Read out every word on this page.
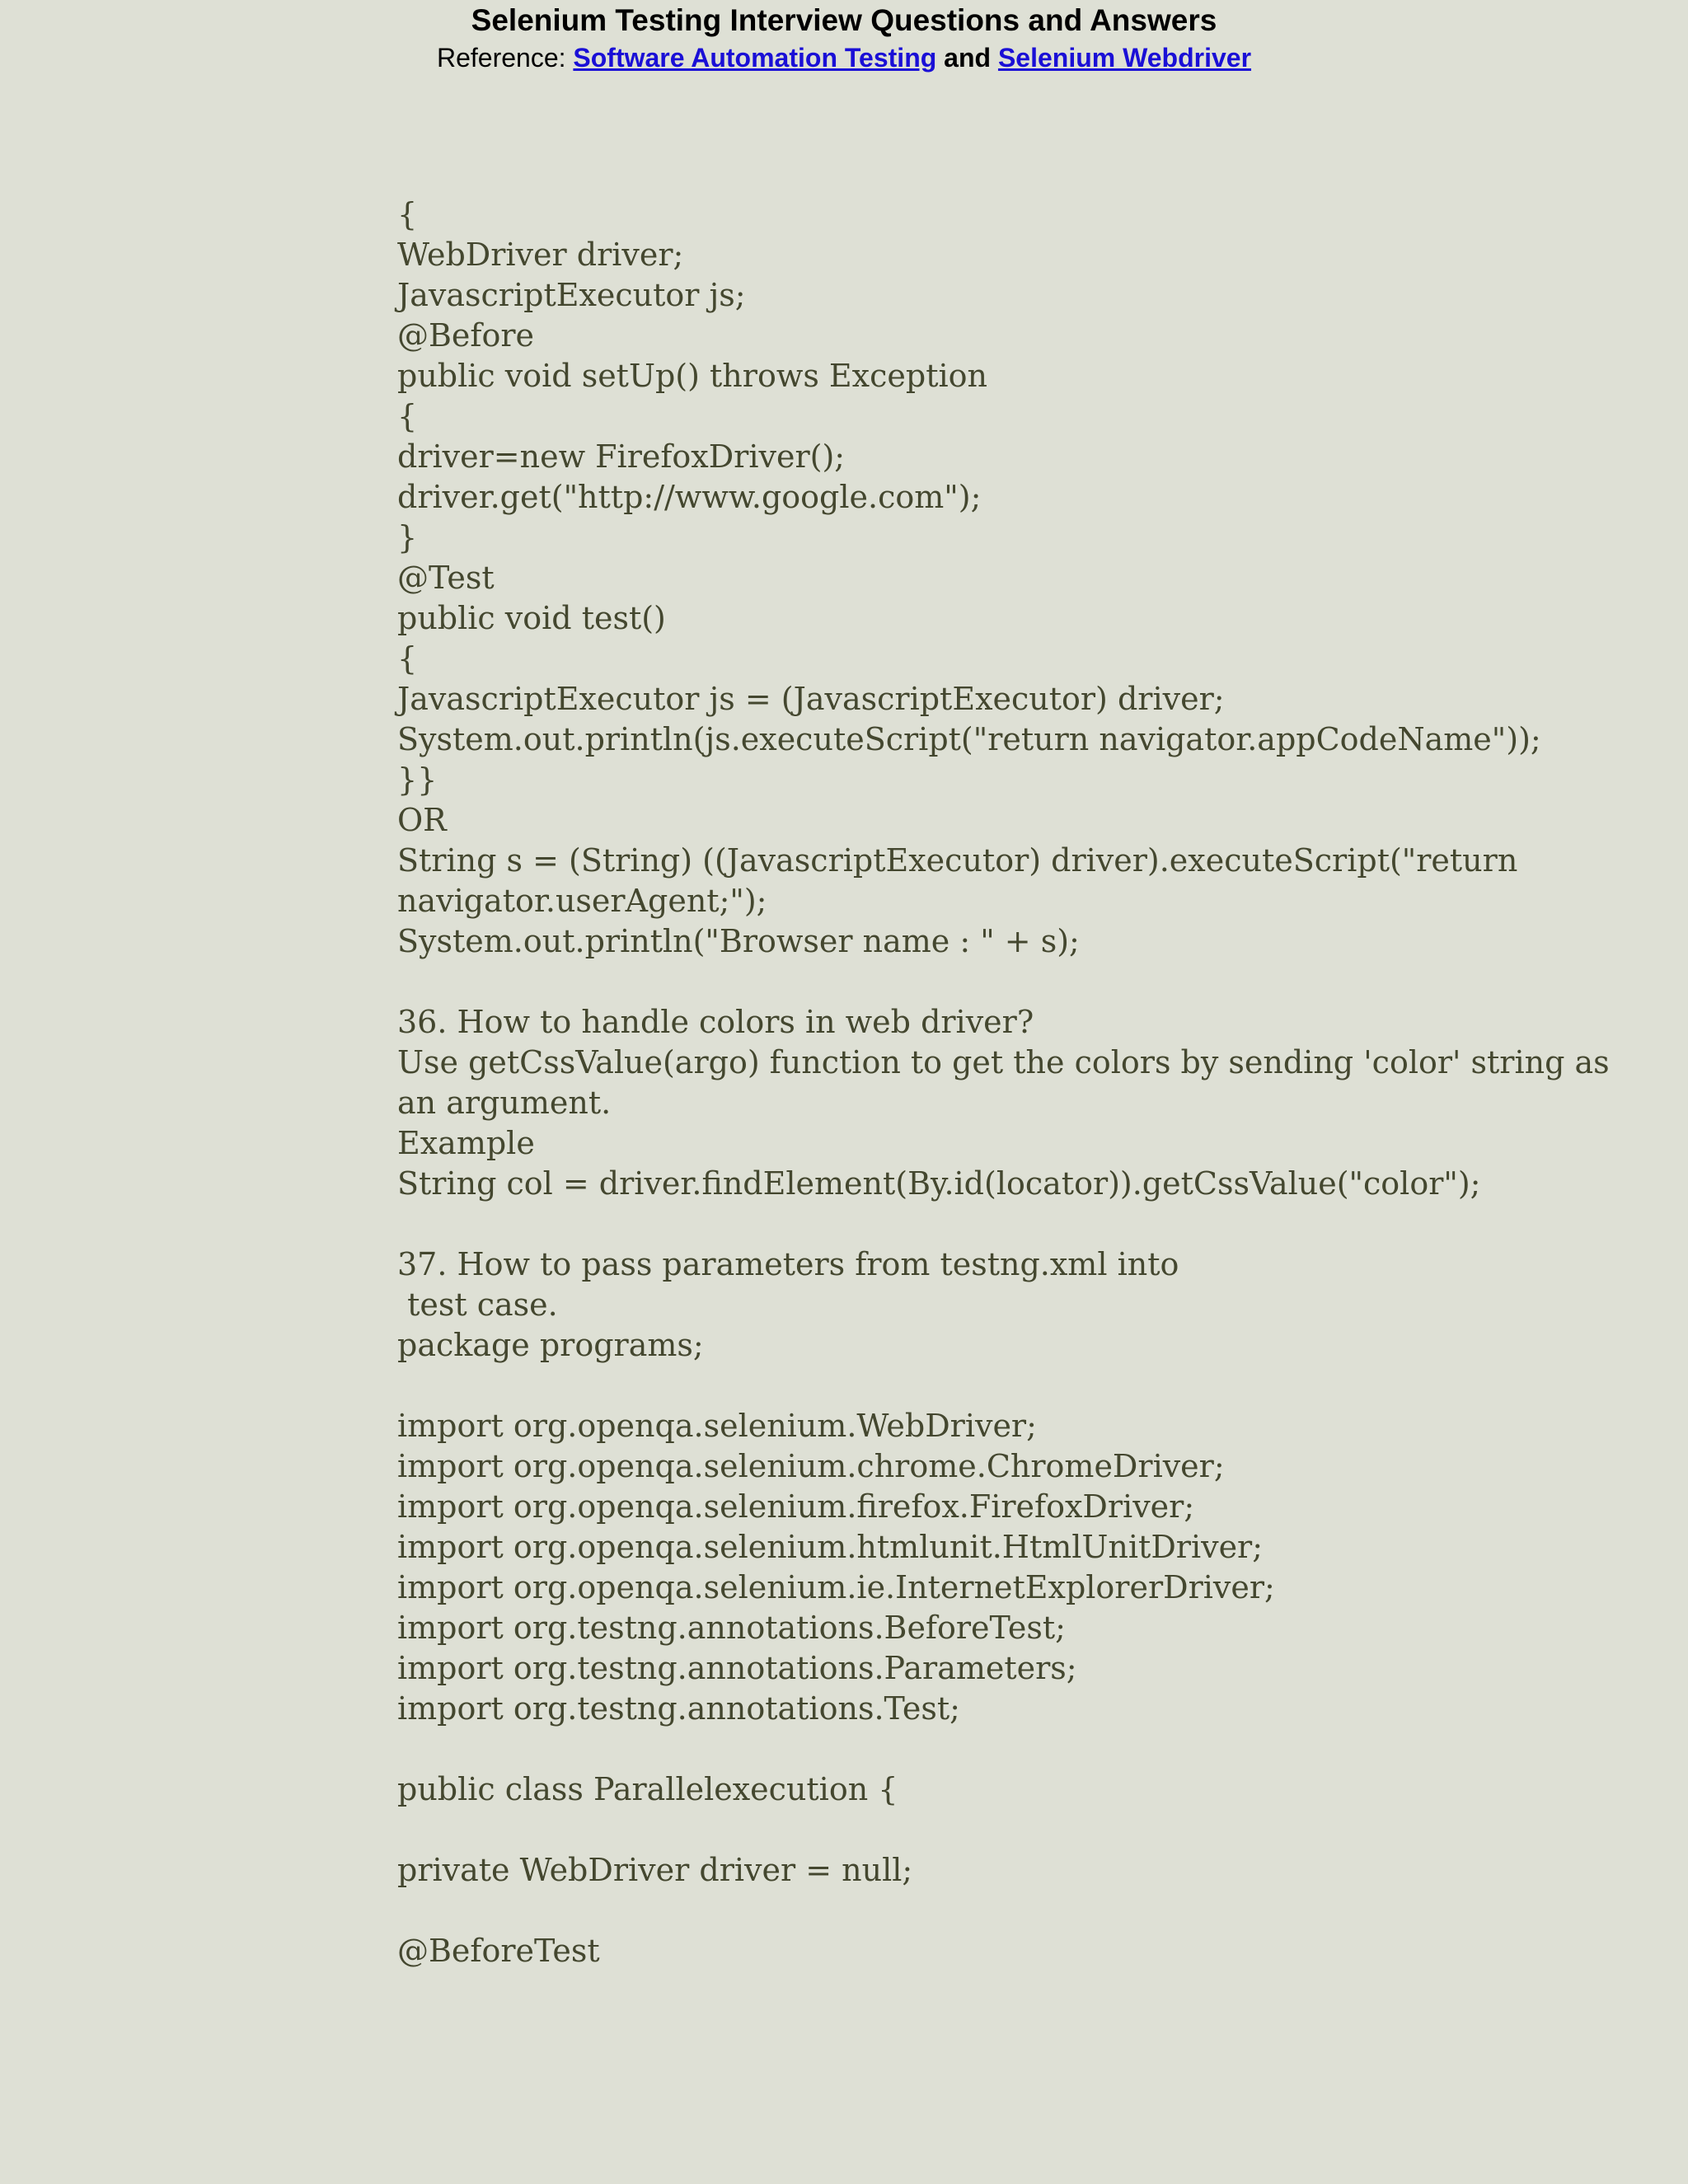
Selenium Testing Interview Questions and Answers
Reference: Software Automation Testing and Selenium Webdriver
{
WebDriver driver;
JavascriptExecutor js;
@Before
public void setUp() throws Exception
{
driver=new FirefoxDriver();
driver.get("http://www.google.com");
}
@Test
public void test()
{
JavascriptExecutor js = (JavascriptExecutor) driver;
System.out.println(js.executeScript("return navigator.appCodeName"));
}}
OR
String s = (String) ((JavascriptExecutor) driver).executeScript("return
navigator.userAgent;");
System.out.println("Browser name : " + s);
36. How to handle colors in web driver?
Use getCssValue(argo) function to get the colors by sending 'color' string as
an argument.
Example
String col = driver.findElement(By.id(locator)).getCssValue("color");
37. How to pass parameters from testng.xml into
test case.
package programs;
import org.openqa.selenium.WebDriver;
import org.openqa.selenium.chrome.ChromeDriver;
import org.openqa.selenium.firefox.FirefoxDriver;
import org.openqa.selenium.htmlunit.HtmlUnitDriver;
import org.openqa.selenium.ie.InternetExplorerDriver;
import org.testng.annotations.BeforeTest;
import org.testng.annotations.Parameters;
import org.testng.annotations.Test;
public class Parallelexecution {
private WebDriver driver = null;
@BeforeTest
